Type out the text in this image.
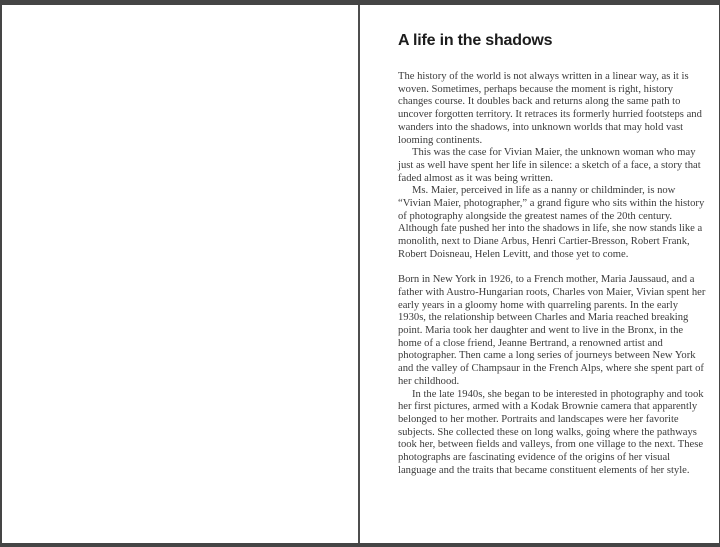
A life in the shadows

The history of the world is not always written in a linear way, as it is woven. Sometimes, perhaps because the moment is right, history changes course. It doubles back and returns along the same path to uncover forgotten territory. It retraces its formerly hurried footsteps and wanders into the shadows, into unknown worlds that may hold vast looming continents.

This was the case for Vivian Maier, the unknown woman who may just as well have spent her life in silence: a sketch of a face, a story that faded almost as it was being written.

Ms. Maier, perceived in life as a nanny or childminder, is now “Vivian Maier, photographer,” a grand figure who sits within the history of photography alongside the greatest names of the 20th century. Although fate pushed her into the shadows in life, she now stands like a monolith, next to Diane Arbus, Henri Cartier-Bresson, Robert Frank, Robert Doisneau, Helen Levitt, and those yet to come.

Born in New York in 1926, to a French mother, Maria Jaussaud, and a father with Austro-Hungarian roots, Charles von Maier, Vivian spent her early years in a gloomy home with quarreling parents. In the early 1930s, the relationship between Charles and Maria reached breaking point. Maria took her daughter and went to live in the Bronx, in the home of a close friend, Jeanne Bertrand, a renowned artist and photographer. Then came a long series of journeys between New York and the valley of Champsaur in the French Alps, where she spent part of her childhood.

In the late 1940s, she began to be interested in photography and took her first pictures, armed with a Kodak Brownie camera that apparently belonged to her mother. Portraits and landscapes were her favorite subjects. She collected these on long walks, going where the pathways took her, between fields and valleys, from one village to the next. These photographs are fascinating evidence of the origins of her visual language and the traits that became constituent elements of her style.
